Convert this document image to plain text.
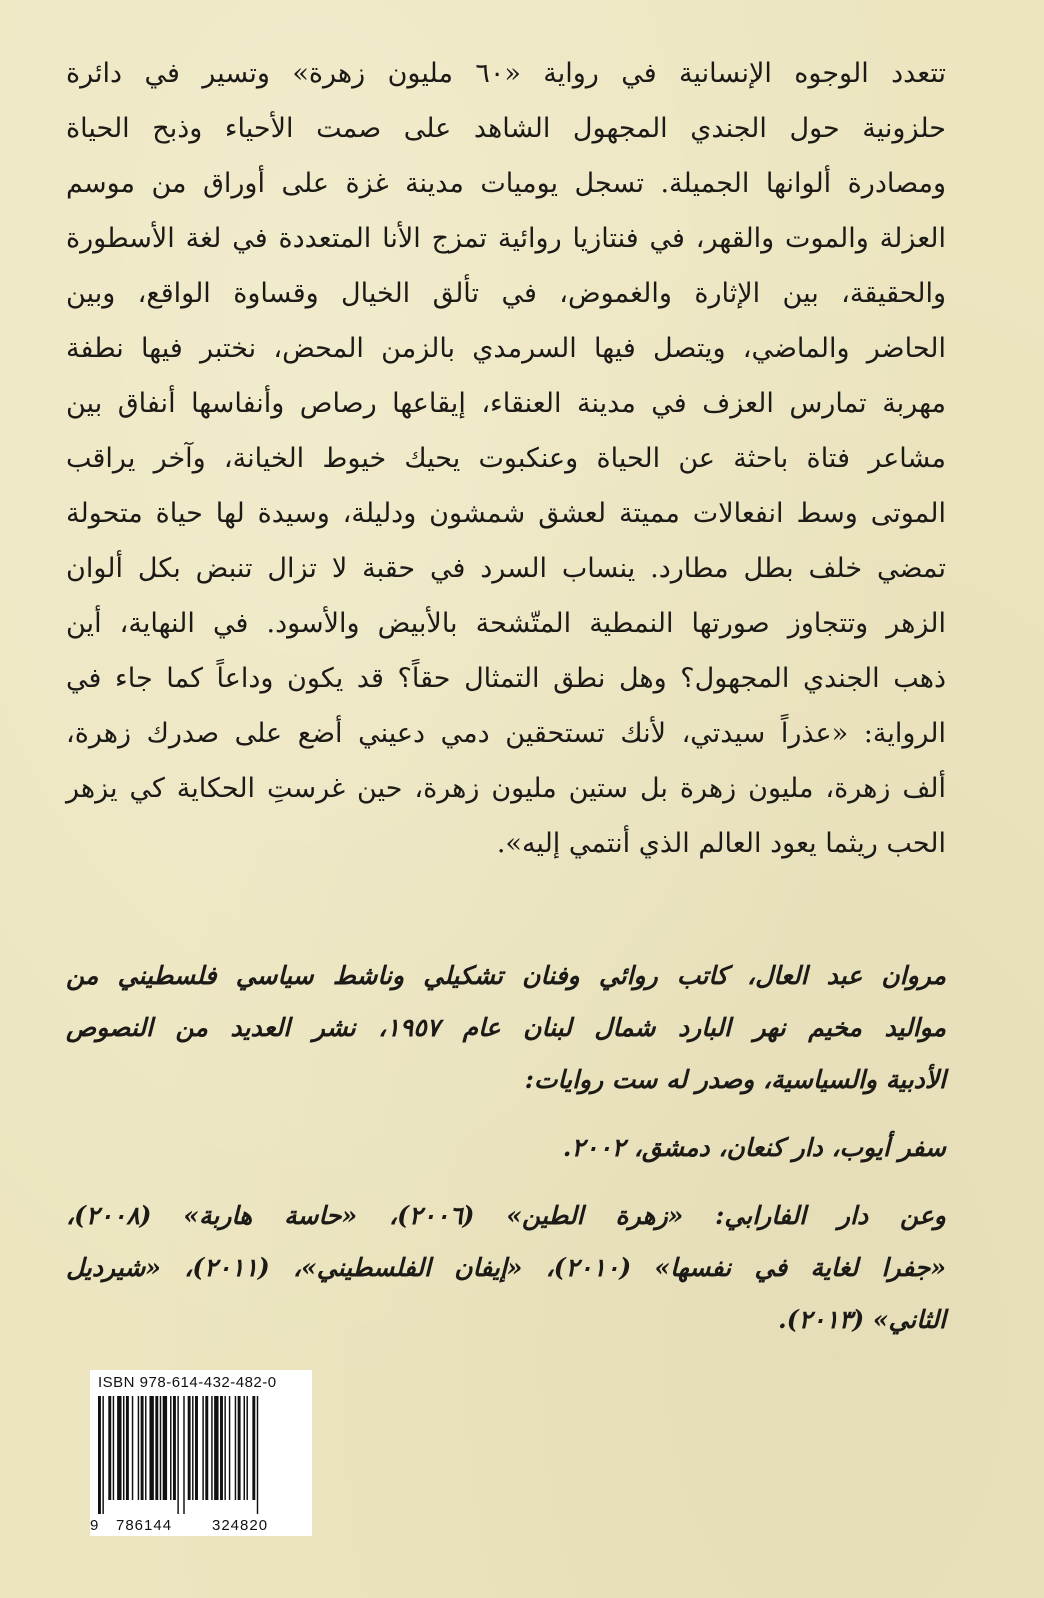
تتعدد الوجوه الإنسانية في رواية «٦٠ مليون زهرة» وتسير في دائرة
حلزونية حول الجندي المجهول الشاهد على صمت الأحياء وذبح الحياة
ومصادرة ألوانها الجميلة. تسجل يوميات مدينة غزة على أوراق من موسم
العزلة والموت والقهر، في فنتازيا روائية تمزج الأنا المتعددة في لغة الأسطورة
والحقيقة، بين الإثارة والغموض، في تألق الخيال وقساوة الواقع، وبين
الحاضر والماضي، ويتصل فيها السرمدي بالزمن المحض، نختبر فيها نطفة
مهربة تمارس العزف في مدينة العنقاء، إيقاعها رصاص وأنفاسها أنفاق بين
مشاعر فتاة باحثة عن الحياة وعنكبوت يحيك خيوط الخيانة، وآخر يراقب
الموتى وسط انفعالات مميتة لعشق شمشون ودليلة، وسيدة لها حياة متحولة
تمضي خلف بطل مطارد. ينساب السرد في حقبة لا تزال تنبض بكل ألوان
الزهر وتتجاوز صورتها النمطية المتّشحة بالأبيض والأسود. في النهاية، أين
ذهب الجندي المجهول؟ وهل نطق التمثال حقاً؟ قد يكون وداعاً كما جاء في
الرواية: «عذراً سيدتي، لأنك تستحقين دمي دعيني أضع على صدرك زهرة،
ألف زهرة، مليون زهرة بل ستين مليون زهرة، حين غرستِ الحكاية كي يزهر
الحب ريثما يعود العالم الذي أنتمي إليه».
مروان عبد العال، كاتب روائي وفنان تشكيلي وناشط سياسي فلسطيني من
مواليد مخيم نهر البارد شمال لبنان عام ١٩٥٧، نشر العديد من النصوص
الأدبية والسياسية، وصدر له ست روايات:
سفر أيوب، دار كنعان، دمشق، ٢٠٠٢.
وعن دار الفارابي: «زهرة الطين» (٢٠٠٦)، «حاسة هاربة» (٢٠٠٨)،
«جفرا لغاية في نفسها» (٢٠١٠)، «إيفان الفلسطيني»، (٢٠١١)، «شيرديل
الثاني» (٢٠١٣).
ISBN 978-614-432-482-0
9 786144	324820
